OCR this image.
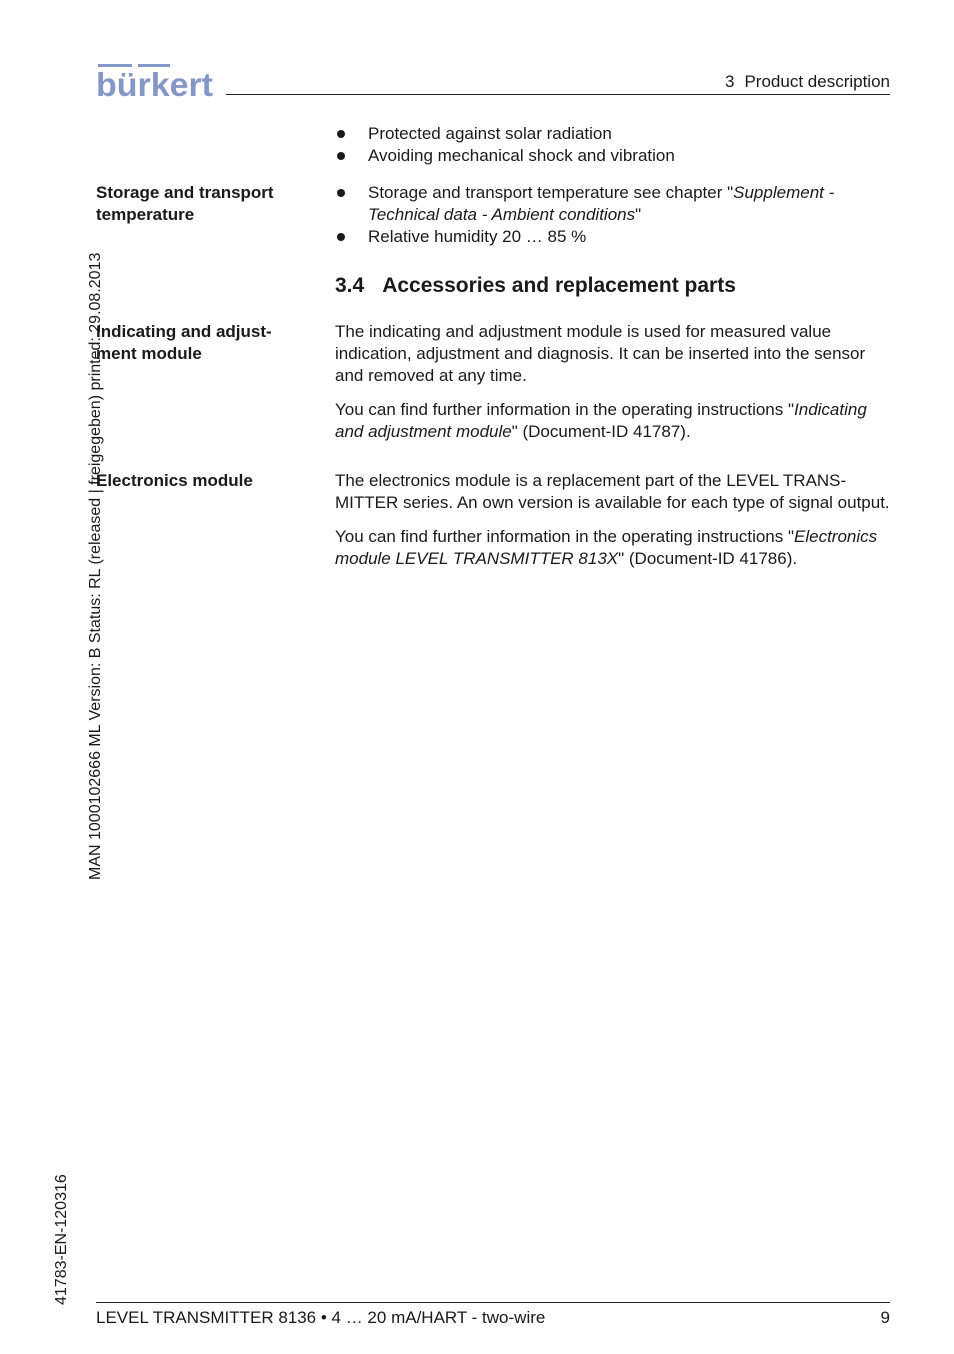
bürkert	3 Product description
Protected against solar radiation
Avoiding mechanical shock and vibration
Storage and transport
temperature
Storage and transport temperature see chapter "Supplement - Technical data - Ambient conditions"
Relative humidity 20 … 85 %
3.4 Accessories and replacement parts
Indicating and adjust-
ment module

The indicating and adjustment module is used for measured value indication, adjustment and diagnosis. It can be inserted into the sensor and removed at any time.

You can find further information in the operating instructions "Indicating and adjustment module" (Document-ID 41787).

Electronics module	The electronics module is a replacement part of the LEVEL TRANS-MITTER series. An own version is available for each type of signal output.

You can find further information in the operating instructions "Electronics module LEVEL TRANSMITTER 813X" (Document-ID 41786).

MAN 1000102666 ML Version: B Status: RL (released | freigegeben) printed: 29.08.2013
41783-EN-120316
LEVEL TRANSMITTER 8136 • 4 … 20 mA/HART - two-wire	9
